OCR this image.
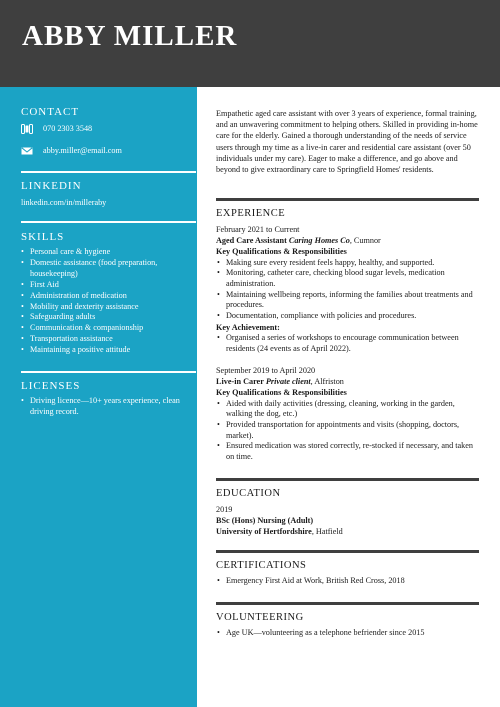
ABBY MILLER
CONTACT
070 2303 3548
abby.miller@email.com
LINKEDIN
linkedin.com/in/milleraby
SKILLS
• Personal care & hygiene
• Domestic assistance (food preparation, housekeeping)
• First Aid
• Administration of medication
• Mobility and dexterity assistance
• Safeguarding adults
• Communication & companionship
• Transportation assistance
• Maintaining a positive attitude
LICENSES
• Driving licence—10+ years experience, clean driving record.

Empathetic aged care assistant with over 3 years of experience, formal training, and an unwavering commitment to helping others. Skilled in providing in-home care for the elderly. Gained a thorough understanding of the needs of service users through my time as a live-in carer and residential care assistant (over 50 individuals under my care). Eager to make a difference, and go above and beyond to give extraordinary care to Springfield Homes' residents.

EXPERIENCE
February 2021 to Current
Aged Care Assistant Caring Homes Co, Cumnor
Key Qualifications & Responsibilities
• Making sure every resident feels happy, healthy, and supported.
• Monitoring, catheter care, checking blood sugar levels, medication administration.
• Maintaining wellbeing reports, informing the families about treatments and procedures.
• Documentation, compliance with policies and procedures.
Key Achievement:
• Organised a series of workshops to encourage communication between residents (24 events as of April 2022).
September 2019 to April 2020
Live-in Carer Private client, Alfriston
Key Qualifications & Responsibilities
• Aided with daily activities (dressing, cleaning, working in the garden, walking the dog, etc.)
• Provided transportation for appointments and visits (shopping, doctors, market).
• Ensured medication was stored correctly, re-stocked if necessary, and taken on time.
EDUCATION
2019
BSc (Hons) Nursing (Adult)
University of Hertfordshire, Hatfield
CERTIFICATIONS
• Emergency First Aid at Work, British Red Cross, 2018
VOLUNTEERING
• Age UK—volunteering as a telephone befriender since 2015
